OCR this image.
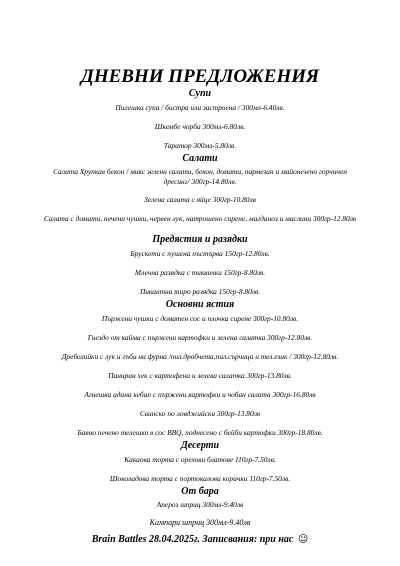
ДНЕВНИ ПРЕДЛОЖЕНИЯ
Супи
Пилешка супа / бистра или застроена / 300мл-6.40лв.
Шкембе чорба 300мл-6.80лв.
Таратор 300мл-5.80лв.
Салати
Салата Хрупкав бекон / микс зелени салати, бекон, домати, пармезан и майонезено горчичен дресинг/ 300гр-14.80лв.
Зелена салата с яйце 300гр-10.80лв
Салата с домати, печени чушки, червен лук, натрошено сирене, магданоз и маслини 300гр-12.80лв
Предястия и разядки
Брускети с пушена пъстърва 150гр-12.80лв.
Млечна разядка с тиквички 150гр-8.80лв.
Пикантна тиро разядка 150гр-8.80лв.
Основни ястия
Пържени чушки с доматен сос и плочка сирене 300гр-10.80лв.
Гнездо от кайма с пържени картофки и зелена салатка 300гр-12.80лв.
Дреболийки с лук и гъби на фурна /пил.дробчета,пил.сърчица и тел.език / 300гр-12.80лв.
Паниран хек с картофена и зелева салатка 300гр-13.80лв.
Агнешка адана кебап с пържени картофки и чобан салата 300гр-16.80лв
Свинско по ловджийски 300гр-13.80лв
Бавно печено телешко в сос BBQ, поднесено с бейби картофки 300гр-18.80лв.
Десерти
Какаова торта с орехови блатове 110гр-7.50лв.
Шоколадова торта с портокалови корички 110гр-7.50лв.
От бара
Апероз шприц 300мл-9.40лв
Кампари шприц 300мл-9.40лв
Brain Battles 28.04.2025г. Записвания: при нас ☺
